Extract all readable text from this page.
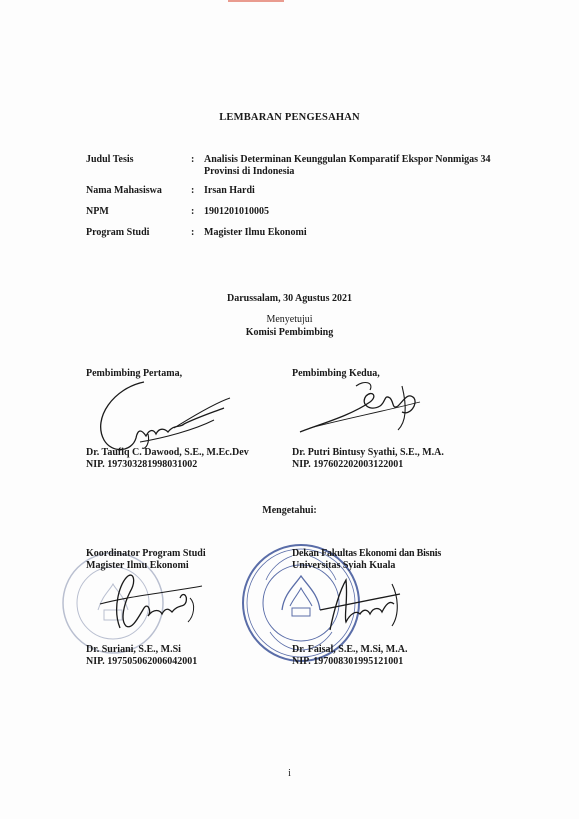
LEMBARAN PENGESAHAN
Judul Tesis	: Analisis Determinan Keunggulan Komparatif Ekspor Nonmigas 34 Provinsi di Indonesia
Nama Mahasiswa	: Irsan Hardi
NPM	: 1901201010005
Program Studi	: Magister Ilmu Ekonomi
Darussalam, 30 Agustus 2021
Menyetujui
Komisi Pembimbing
Pembimbing Pertama,
Dr. Taufiq C. Dawood, S.E., M.Ec.Dev
NIP. 197303281998031002
Pembimbing Kedua,
Dr. Putri Bintusy Syathi, S.E., M.A.
NIP. 197602202003122001
Mengetahui:
Koordinator Program Studi
Magister Ilmu Ekonomi
Dr. Suriani, S.E., M.Si
NIP. 197505062006042001
Dekan Fakultas Ekonomi dan Bisnis
Universitas Syiah Kuala
Dr. Faisal, S.E., M.Si, M.A.
NIP. 197008301995121001
i
